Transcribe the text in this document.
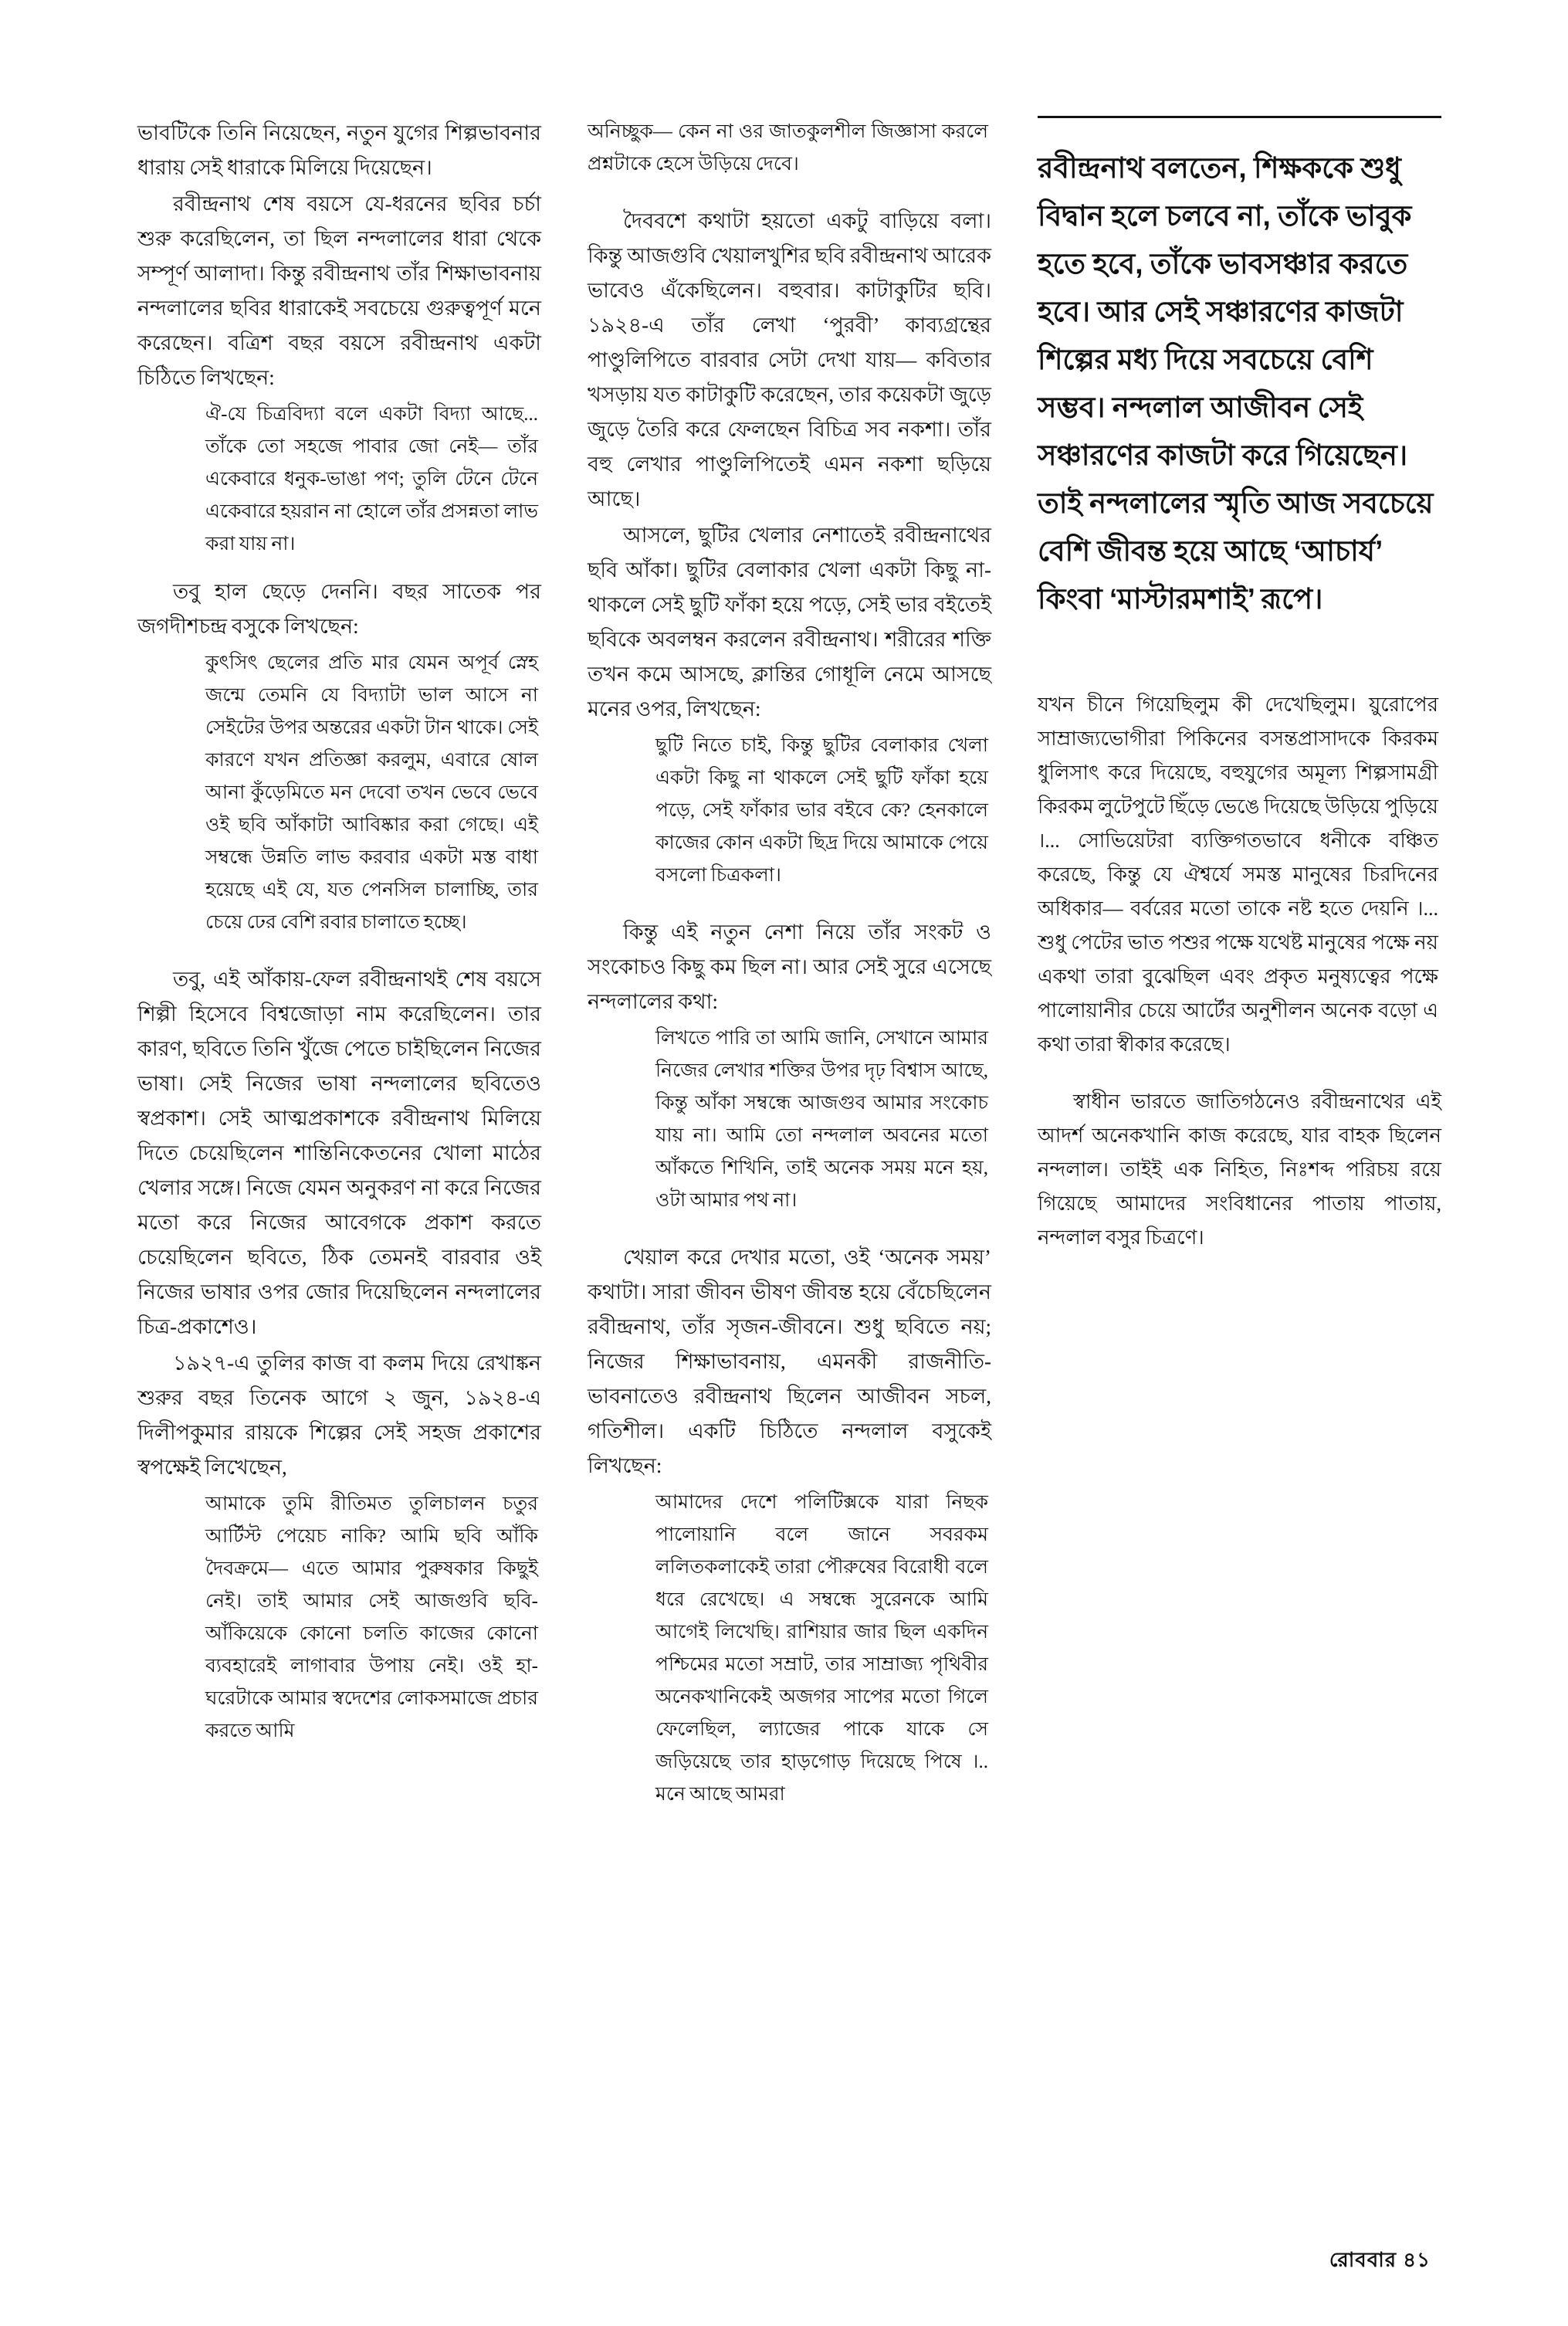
ভাবটিকে তিনি নিয়েছেন, নতুন যুগের শিল্পভাবনার ধারায় সেই ধারাকে মিলিয়ে দিয়েছেন।

রবীন্দ্রনাথ শেষ বয়সে যে-ধরনের ছবির চর্চা শুরু করেছিলেন, তা ছিল নন্দলালের ধারা থেকে সম্পূর্ণ আলাদা। কিন্তু রবীন্দ্রনাথ তাঁর শিক্ষাভাবনায় নন্দলালের ছবির ধারাকেই সবচেয়ে গুরুত্বপূর্ণ মনে করেছেন। বত্রিশ বছর বয়সে রবীন্দ্রনাথ একটা চিঠিতে লিখছেন:

ঐ-যে চিত্রবিদ্যা বলে একটা বিদ্যা আছে... তাঁকে তো সহজে পাবার জো নেই— তাঁর একেবারে ধনুক-ভাঙা পণ; তুলি টেনে টেনে একেবারে হয়রান না হোলে তাঁর প্রসন্নতা লাভ করা যায় না।

তবু হাল ছেড়ে দেননি। বছর সাতেক পর জগদীশচন্দ্র বসুকে লিখছেন:

কুৎসিৎ ছেলের প্রতি মার যেমন অপূর্ব স্নেহ জন্মে তেমনি যে বিদ্যাটা ভাল আসে না সেইটের উপর অন্তরের একটা টান থাকে। সেই কারণে যখন প্রতিজ্ঞা করলুম, এবারে ষোল আনা কুঁড়েমিতে মন দেবো তখন ভেবে ভেবে ওই ছবি আঁকাটা আবিষ্কার করা গেছে। এই সম্বন্ধে উন্নতি লাভ করবার একটা মস্ত বাধা হয়েছে এই যে, যত পেনসিল চালাচ্ছি, তার চেয়ে ঢের বেশি রবার চালাতে হচ্ছে।

তবু, এই আঁকায়-ফেল রবীন্দ্রনাথই শেষ বয়সে শিল্পী হিসেবে বিশ্বজোড়া নাম করেছিলেন। তার কারণ, ছবিতে তিনি খুঁজে পেতে চাইছিলেন নিজের ভাষা। সেই নিজের ভাষা নন্দলালের ছবিতেও স্বপ্রকাশ। সেই আত্মপ্রকাশকে রবীন্দ্রনাথ মিলিয়ে দিতে চেয়েছিলেন শান্তিনিকেতনের খোলা মাঠের খেলার সঙ্গে। নিজে যেমন অনুকরণ না করে নিজের মতো করে নিজের আবেগকে প্রকাশ করতে চেয়েছিলেন ছবিতে, ঠিক তেমনই বারবার ওই নিজের ভাষার ওপর জোর দিয়েছিলেন নন্দলালের চিত্র-প্রকাশেও।

১৯২৭-এ তুলির কাজ বা কলম দিয়ে রেখাঙ্কন শুরুর বছর তিনেক আগে ২ জুন, ১৯২৪-এ দিলীপকুমার রায়কে শিল্পের সেই সহজ প্রকাশের স্বপক্ষেই লিখেছেন,

আমাকে তুমি রীতিমত তুলিচালন চতুর আর্টিস্ট পেয়েচ নাকি? আমি ছবি আঁকি দৈবক্রমে— এতে আমার পুরুষকার কিছুই নেই। তাই আমার সেই আজগুবি ছবি-আঁকিয়েকে কোনো চলতি কাজের কোনো ব্যবহারেই লাগাবার উপায় নেই। ওই হা-ঘরেটাকে আমার স্বদেশের লোকসমাজে প্রচার করতে আমি

অনিচ্ছুক— কেন না ওর জাতকুলশীল জিজ্ঞাসা করলে প্রশ্নটাকে হেসে উড়িয়ে দেবে।

দৈববশে কথাটা হয়তো একটু বাড়িয়ে বলা। কিন্তু আজগুবি খেয়ালখুশির ছবি রবীন্দ্রনাথ আরেক ভাবেও এঁকেছিলেন। বহুবার। কাটাকুটির ছবি। ১৯২৪-এ তাঁর লেখা ‘পুরবী’ কাব্যগ্রন্থের পাণ্ডুলিপিতে বারবার সেটা দেখা যায়— কবিতার খসড়ায় যত কাটাকুটি করেছেন, তার কয়েকটা জুড়ে জুড়ে তৈরি করে ফেলছেন বিচিত্র সব নকশা। তাঁর বহু লেখার পাণ্ডুলিপিতেই এমন নকশা ছড়িয়ে আছে।

আসলে, ছুটির খেলার নেশাতেই রবীন্দ্রনাথের ছবি আঁকা। ছুটির বেলাকার খেলা একটা কিছু না-থাকলে সেই ছুটি ফাঁকা হয়ে পড়ে, সেই ভার বইতেই ছবিকে অবলম্বন করলেন রবীন্দ্রনাথ। শরীরের শক্তি তখন কমে আসছে, ক্লান্তির গোধূলি নেমে আসছে মনের ওপর, লিখছেন:

ছুটি নিতে চাই, কিন্তু ছুটির বেলাকার খেলা একটা কিছু না থাকলে সেই ছুটি ফাঁকা হয়ে পড়ে, সেই ফাঁকার ভার বইবে কে? হেনকালে কাজের কোন একটা ছিদ্র দিয়ে আমাকে পেয়ে বসলো চিত্রকলা।

কিন্তু এই নতুন নেশা নিয়ে তাঁর সংকট ও সংকোচও কিছু কম ছিল না। আর সেই সুরে এসেছে নন্দলালের কথা:

লিখতে পারি তা আমি জানি, সেখানে আমার নিজের লেখার শক্তির উপর দৃঢ় বিশ্বাস আছে, কিন্তু আঁকা সম্বন্ধে আজগুব আমার সংকোচ যায় না। আমি তো নন্দলাল অবনের মতো আঁকতে শিখিনি, তাই অনেক সময় মনে হয়, ওটা আমার পথ না।

খেয়াল করে দেখার মতো, ওই ‘অনেক সময়’ কথাটা। সারা জীবন ভীষণ জীবন্ত হয়ে বেঁচেছিলেন রবীন্দ্রনাথ, তাঁর সৃজন-জীবনে। শুধু ছবিতে নয়; নিজের শিক্ষাভাবনায়, এমনকী রাজনীতি-ভাবনাতেও রবীন্দ্রনাথ ছিলেন আজীবন সচল, গতিশীল। একটি চিঠিতে নন্দলাল বসুকেই লিখছেন:

আমাদের দেশে পলিটিক্সকে যারা নিছক পালোয়ানি বলে জানে সবরকম ললিতকলাকেই তারা পৌরুষের বিরোধী বলে ধরে রেখেছে। এ সম্বন্ধে সুরেনকে আমি আগেই লিখেছি। রাশিয়ার জার ছিল একদিন পশ্চিমের মতো সম্রাট, তার সাম্রাজ্য পৃথিবীর অনেকখানিকেই অজগর সাপের মতো গিলে ফেলেছিল, ল্যাজের পাকে যাকে সে জড়িয়েছে তার হাড়গোড় দিয়েছে পিষে ।.. মনে আছে আমরা

রবীন্দ্রনাথ বলতেন, শিক্ষককে শুধু বিদ্বান হলে চলবে না, তাঁকে ভাবুক হতে হবে, তাঁকে ভাবসঞ্চার করতে হবে। আর সেই সঞ্চারণের কাজটা শিল্পের মধ্য দিয়ে সবচেয়ে বেশি সম্ভব। নন্দলাল আজীবন সেই সঞ্চারণের কাজটা করে গিয়েছেন। তাই নন্দলালের স্মৃতি আজ সবচেয়ে বেশি জীবন্ত হয়ে আছে ‘আচার্য’ কিংবা ‘মাস্টারমশাই’ রূপে।

যখন চীনে গিয়েছিলুম কী দেখেছিলুম। য়ুরোপের সাম্রাজ্যভোগীরা পিকিনের বসন্তপ্রাসাদকে কিরকম ধুলিসাৎ করে দিয়েছে, বহুযুগের অমূল্য শিল্পসামগ্রী কিরকম লুটেপুটে ছিঁড়ে ভেঙে দিয়েছে উড়িয়ে পুড়িয়ে ।... সোভিয়েটরা ব্যক্তিগতভাবে ধনীকে বঞ্চিত করেছে, কিন্তু যে ঐশ্বর্যে সমস্ত মানুষের চিরদিনের অধিকার— বর্বরের মতো তাকে নষ্ট হতে দেয়নি ।... শুধু পেটের ভাত পশুর পক্ষে যথেষ্ট মানুষের পক্ষে নয় একথা তারা বুঝেছিল এবং প্রকৃত মনুষ্যত্বের পক্ষে পালোয়ানীর চেয়ে আর্টের অনুশীলন অনেক বড়ো এ কথা তারা স্বীকার করেছে।

স্বাধীন ভারতে জাতিগঠনেও রবীন্দ্রনাথের এই আদর্শ অনেকখানি কাজ করেছে, যার বাহক ছিলেন নন্দলাল। তাইই এক নিহিত, নিঃশব্দ পরিচয় রয়ে গিয়েছে আমাদের সংবিধানের পাতায় পাতায়, নন্দলাল বসুর চিত্রণে।

রোববার ৪১
